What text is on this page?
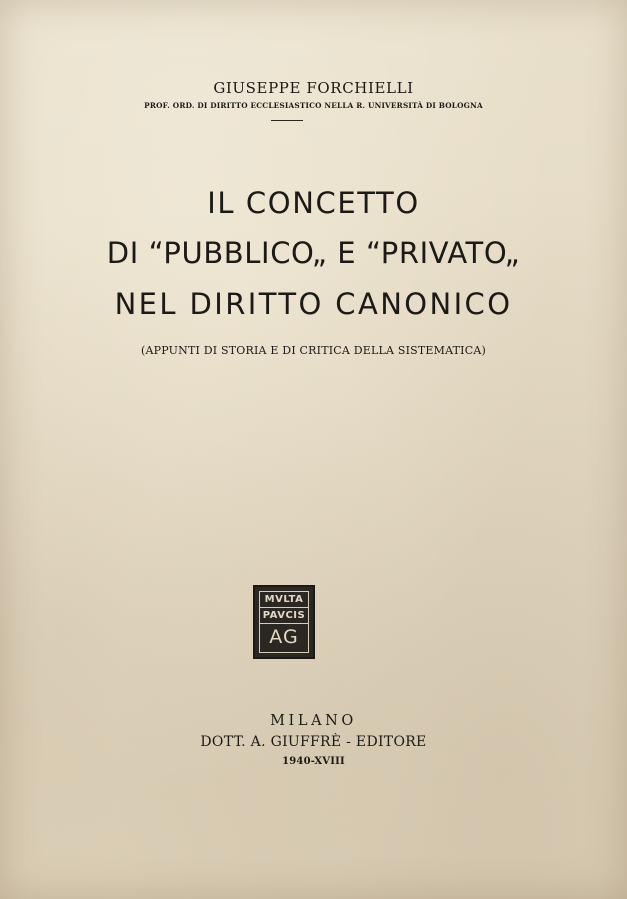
GIUSEPPE FORCHIELLI
PROF. ORD. DI DIRITTO ECCLESIASTICO NELLA R. UNIVERSITÀ DI BOLOGNA
IL CONCETTO
DI “PUBBLICO„ E “PRIVATO„
NEL DIRITTO CANONICO
(APPUNTI DI STORIA E DI CRITICA DELLA SISTEMATICA)
MVLTA
PAVCIS
AG
MILANO
DOTT. A. GIUFFRÈ - EDITORE
1940-XVIII
